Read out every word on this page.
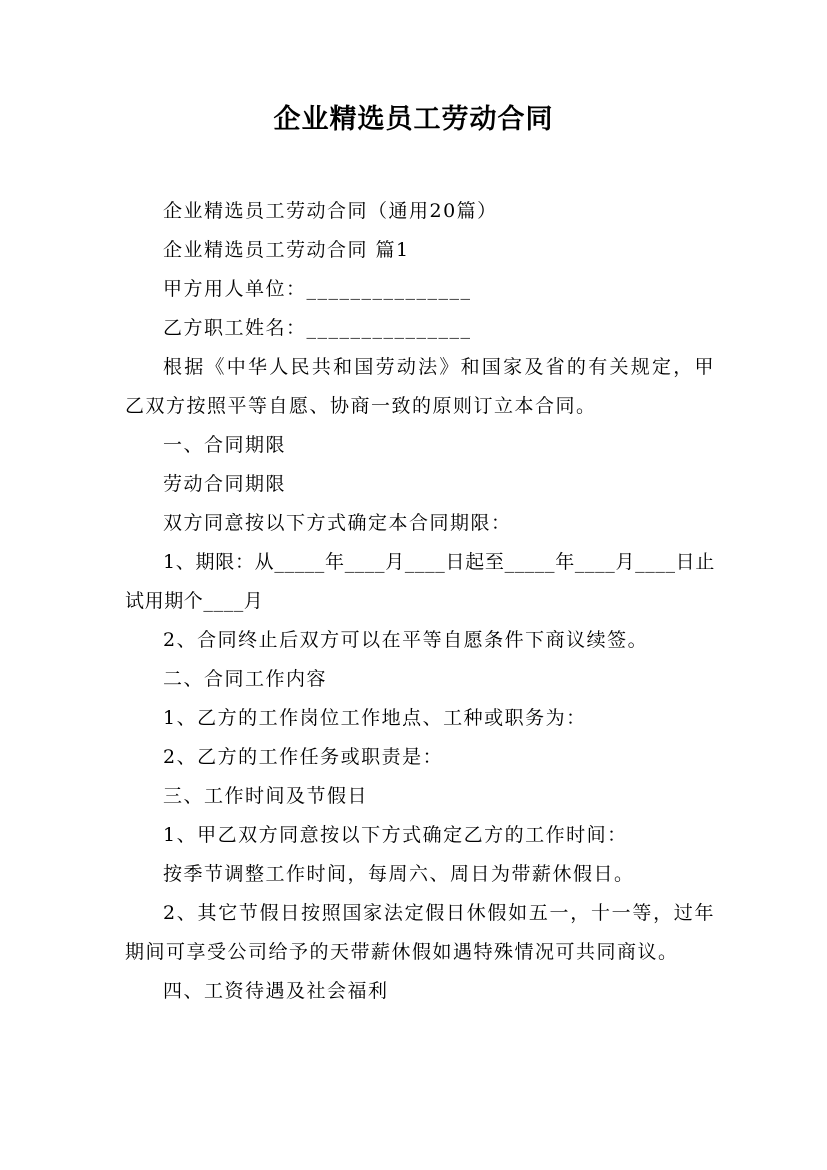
企业精选员工劳动合同

企业精选员工劳动合同（通用20篇）

企业精选员工劳动合同 篇1

甲方用人单位：_______________

乙方职工姓名：_______________

根据《中华人民共和国劳动法》和国家及省的有关规定，甲乙双方按照平等自愿、协商一致的原则订立本合同。

一、合同期限

劳动合同期限

双方同意按以下方式确定本合同期限：

1、期限：从_____年____月____日起至_____年____月____日止试用期个____月

2、合同终止后双方可以在平等自愿条件下商议续签。

二、合同工作内容

1、乙方的工作岗位工作地点、工种或职务为：

2、乙方的工作任务或职责是：

三、工作时间及节假日

1、甲乙双方同意按以下方式确定乙方的工作时间：

按季节调整工作时间，每周六、周日为带薪休假日。

2、其它节假日按照国家法定假日休假如五一，十一等，过年期间可享受公司给予的天带薪休假如遇特殊情况可共同商议。

四、工资待遇及社会福利
